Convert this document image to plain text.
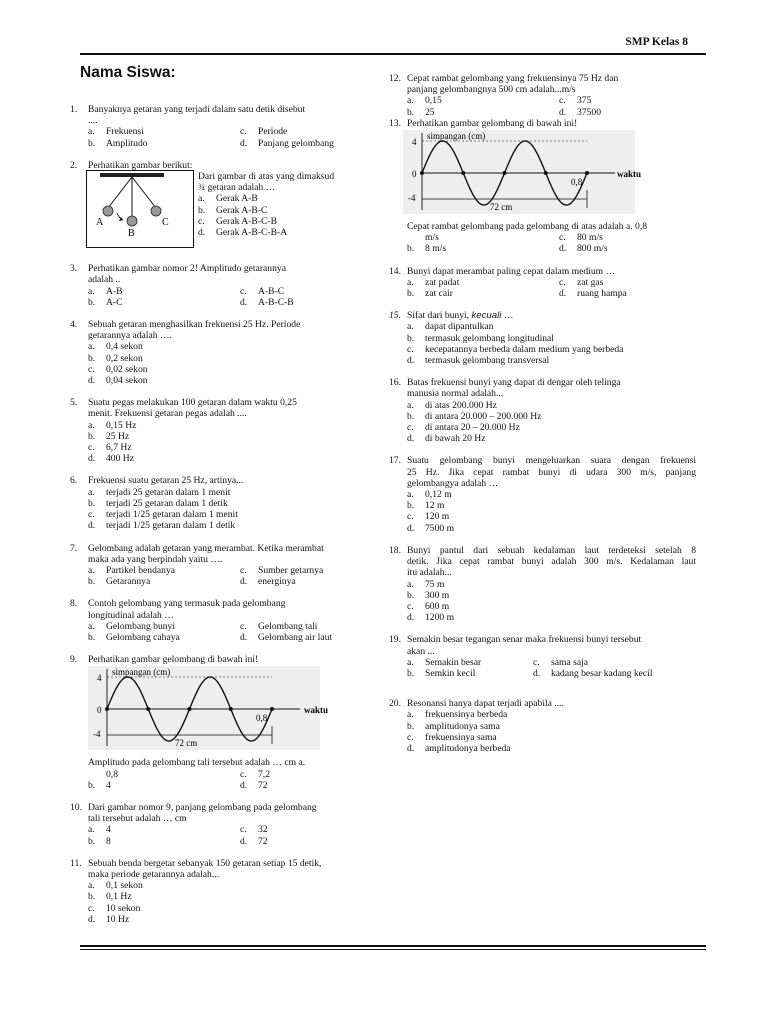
SMP Kelas 8
Nama Siswa:
1. Banyaknya getaran yang terjadi dalam satu detik disebut
....
a. Frekuensi	c. Periode
b. Amplitudo	d. Panjang gelombang
2. Perhatikan gambar berikut:
A
B
C
Dari gambar di atas yang dimaksud
¾ getaran adalah …
a. Gerak A-B
b. Gerak A-B-C
c. Gerak A-B-C-B
d. Gerak A-B-C-B-A
3. Perhatikan gambar nomor 2! Amplitudo getarannya
adalah ..
a. A-B	c. A-B-C
b. A-C	d. A-B-C-B
4. Sebuah getaran menghasilkan frekuensi 25 Hz. Periode
getarannya adalah ….
a. 0,4 sekon
b. 0,2 sekon
c. 0,02 sekon
d. 0,04 sekon
5. Suatu pegas melakukan 100 getaran dalam waktu 0,25
menit. Frekuensi getaran pegas adalah ....
a. 0,15 Hz
b. 25 Hz
c. 6,7 Hz
d. 400 Hz
6. Frekuensi suatu getaran 25 Hz, artinya...
a. terjadi 25 getaran dalam 1 menit
b. terjadi 25 getaran dalam 1 detik
c. terjadi 1/25 getaran dalam 1 menit
d. terjadi 1/25 getaran dalam 1 detik
7. Gelombang adalah getaran yang merambat. Ketika merambat
maka ada yang berpindah yaitu ….
a. Partikel bendanya	c. Sumber getarnya
b. Getarannya	d. energinya
8. Contoh gelombang yang termasuk pada gelombang
longitudinal adalah …
a. Gelombang bunyi	c. Gelombang tali
b. Gelombang cahaya	d. Gelombang air laut
9. Perhatikan gambar gelombang di bawah ini!
simpangan (cm)
4
0
-4
0,8
waktu
72 cm
Amplitudo pada gelombang tali tersebut adalah … cm a.
0,8	c. 7,2
b. 4	d. 72
10. Dari gambar nomor 9, panjang gelombang pada gelombang
tali tersebut adalah … cm
a. 4	c. 32
b. 8	d. 72
11. Sebuah benda bergetar sebanyak 150 getaran setiap 15 detik,
maka periode getarannya adalah...
a. 0,1 sekon
b. 0,1 Hz
c. 10 sekon
d. 10 Hz
12. Cepat rambat gelombang yang frekuensinya 75 Hz dan
panjang gelombangnya 500 cm adalah...m/s
a. 0,15	c. 375
b. 25	d. 37500
13. Perhatikan gambar gelombang di bawah ini!
simpangan (cm)
4
0
-4
0,8
waktu
72 cm
Cepat rambat gelombang pada gelombang di atas adalah a. 0,8
m/s	c. 80 m/s
b. 8 m/s	d. 800 m/s
14. Bunyi dapat merambat paling cepat dalam medium …
a. zat padat	c. zat gas
b. zat cair	d. ruang hampa
15. Sifat dari bunyi, kecuali …
a. dapat dipantulkan
b. termasuk gelombang longitudinal
c. kecepatannya berbeda dalam medium yang berbeda
d. termasuk gelombang transversal
16. Batas frekuensi bunyi yang dapat di dengar oleh telinga
manusia normal adalah...
a. di atas 200.000 Hz
b. di antara 20.000 – 200.000 Hz
c. di antara 20 – 20.000 Hz
d. di bawah 20 Hz
17. Suatu gelombang bunyi mengeluarkan suara dengan frekuensi
25 Hz. Jika cepat rambat bunyi di udara 300 m/s, panjang
gelombangya adalah …
a. 0,12 m
b. 12 m
c. 120 m
d. 7500 m
18. Bunyi pantul dari sebuah kedalaman laut terdeteksi setelah 8
detik. Jika cepat rambat bunyi adalah 300 m/s. Kedalaman laut
itu adalah...
a. 75 m
b. 300 m
c. 600 m
d. 1200 m
19. Semakin besar tegangan senar maka frekuensi bunyi tersebut
akan ...
a. Semakin besar	c. sama saja
b. Semkin kecil	d. kadang besar kadang kecil
20. Resonansi hanya dapat terjadi apabila ....
a. frekuensinya berbeda
b. amplitudonya sama
c. frekuensinya sama
d. amplitudonya berbeda
